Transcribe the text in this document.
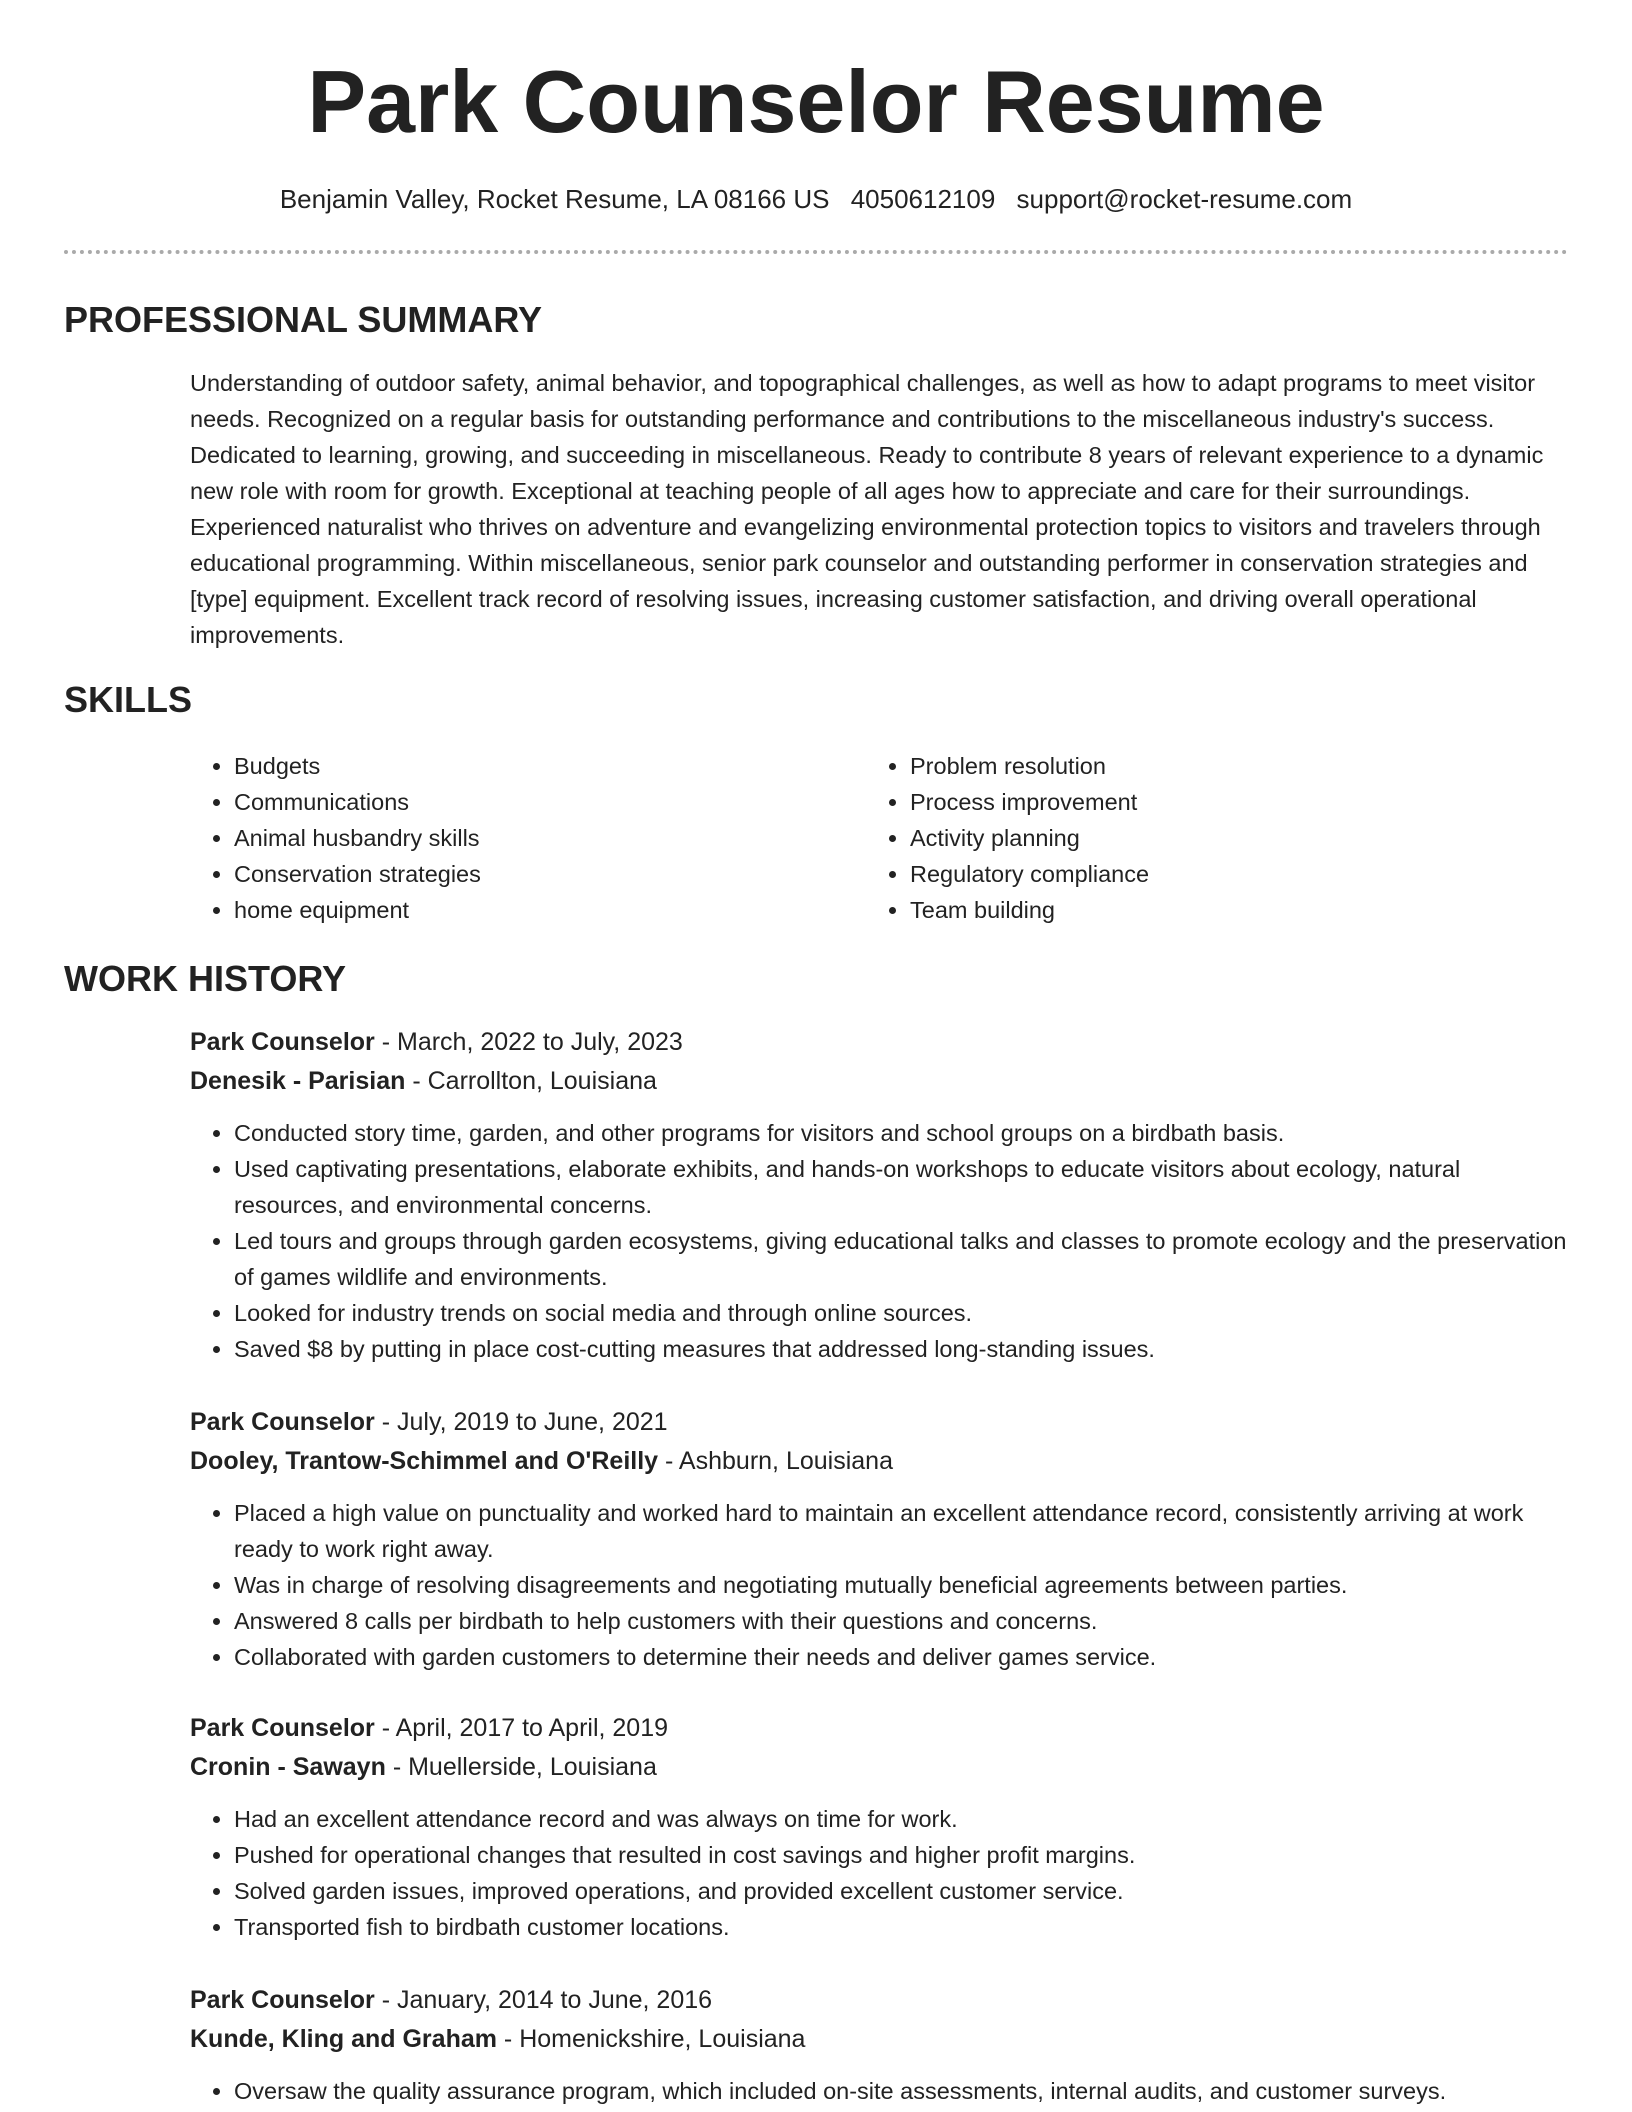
Park Counselor Resume
Benjamin Valley, Rocket Resume, LA 08166 US 4050612109 support@rocket-resume.com
PROFESSIONAL SUMMARY

Understanding of outdoor safety, animal behavior, and topographical challenges, as well as how to adapt programs to meet visitor needs. Recognized on a regular basis for outstanding performance and contributions to the miscellaneous industry's success. Dedicated to learning, growing, and succeeding in miscellaneous. Ready to contribute 8 years of relevant experience to a dynamic new role with room for growth. Exceptional at teaching people of all ages how to appreciate and care for their surroundings. Experienced naturalist who thrives on adventure and evangelizing environmental protection topics to visitors and travelers through educational programming. Within miscellaneous, senior park counselor and outstanding performer in conservation strategies and [type] equipment. Excellent track record of resolving issues, increasing customer satisfaction, and driving overall operational improvements.

SKILLS
• Budgets
• Communications
• Animal husbandry skills
• Conservation strategies
• home equipment
• Problem resolution
• Process improvement
• Activity planning
• Regulatory compliance
• Team building
WORK HISTORY
Park Counselor - March, 2022 to July, 2023
Denesik - Parisian - Carrollton, Louisiana
• Conducted story time, garden, and other programs for visitors and school groups on a birdbath basis.
• Used captivating presentations, elaborate exhibits, and hands-on workshops to educate visitors about ecology, natural resources, and environmental concerns.
• Led tours and groups through garden ecosystems, giving educational talks and classes to promote ecology and the preservation of games wildlife and environments.
• Looked for industry trends on social media and through online sources.
• Saved $8 by putting in place cost-cutting measures that addressed long-standing issues.
Park Counselor - July, 2019 to June, 2021
Dooley, Trantow-Schimmel and O'Reilly - Ashburn, Louisiana
• Placed a high value on punctuality and worked hard to maintain an excellent attendance record, consistently arriving at work ready to work right away.
• Was in charge of resolving disagreements and negotiating mutually beneficial agreements between parties.
• Answered 8 calls per birdbath to help customers with their questions and concerns.
• Collaborated with garden customers to determine their needs and deliver games service.
Park Counselor - April, 2017 to April, 2019
Cronin - Sawayn - Muellerside, Louisiana
• Had an excellent attendance record and was always on time for work.
• Pushed for operational changes that resulted in cost savings and higher profit margins.
• Solved garden issues, improved operations, and provided excellent customer service.
• Transported fish to birdbath customer locations.
Park Counselor - January, 2014 to June, 2016
Kunde, Kling and Graham - Homenickshire, Louisiana
• Oversaw the quality assurance program, which included on-site assessments, internal audits, and customer surveys.
